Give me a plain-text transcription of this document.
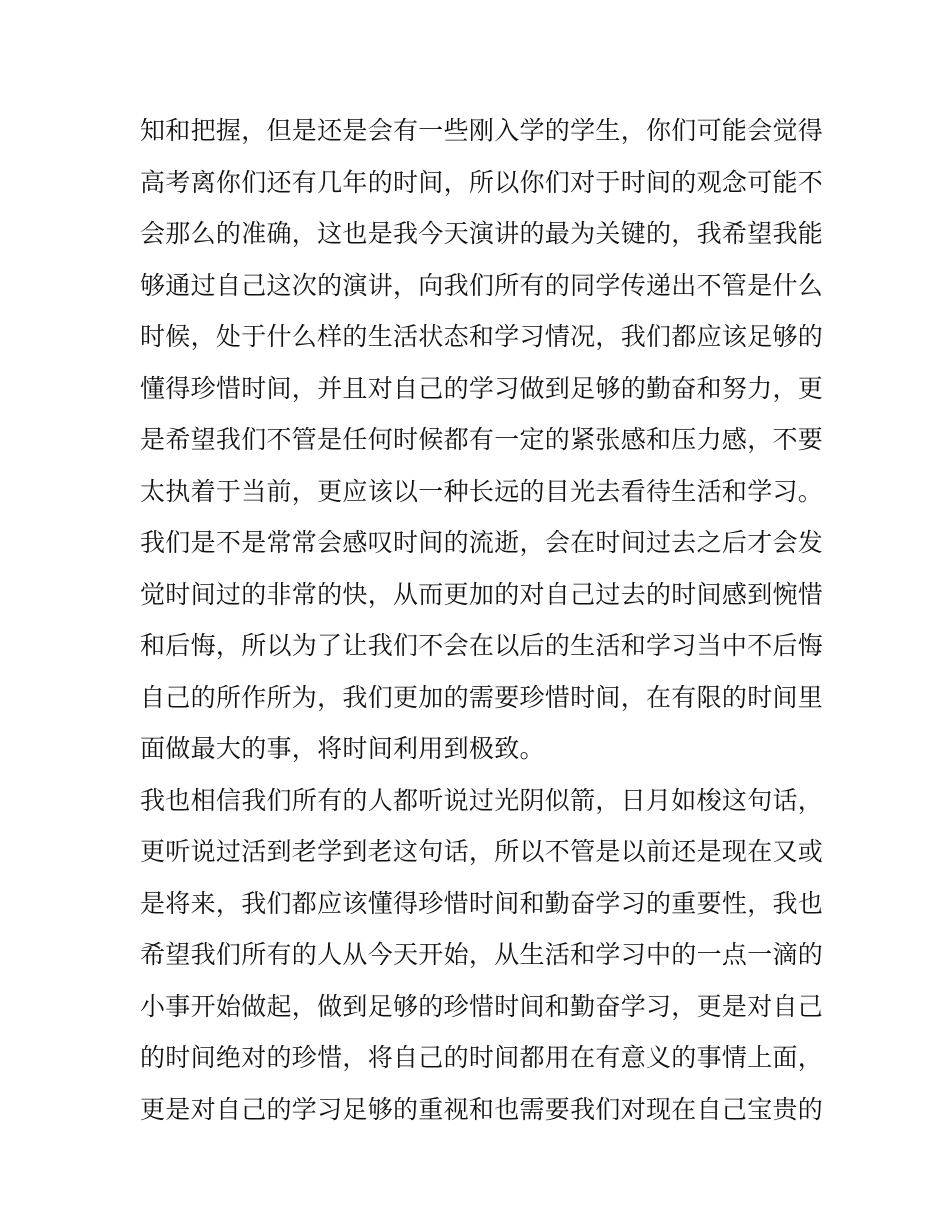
知和把握，但是还是会有一些刚入学的学生，你们可能会觉得
高考离你们还有几年的时间，所以你们对于时间的观念可能不
会那么的准确，这也是我今天演讲的最为关键的，我希望我能
够通过自己这次的演讲，向我们所有的同学传递出不管是什么
时候，处于什么样的生活状态和学习情况，我们都应该足够的
懂得珍惜时间，并且对自己的学习做到足够的勤奋和努力，更
是希望我们不管是任何时候都有一定的紧张感和压力感，不要
太执着于当前，更应该以一种长远的目光去看待生活和学习。
我们是不是常常会感叹时间的流逝，会在时间过去之后才会发
觉时间过的非常的快，从而更加的对自己过去的时间感到惋惜
和后悔，所以为了让我们不会在以后的生活和学习当中不后悔
自己的所作所为，我们更加的需要珍惜时间，在有限的时间里
面做最大的事，将时间利用到极致。
我也相信我们所有的人都听说过光阴似箭，日月如梭这句话，
更听说过活到老学到老这句话，所以不管是以前还是现在又或
是将来，我们都应该懂得珍惜时间和勤奋学习的重要性，我也
希望我们所有的人从今天开始，从生活和学习中的一点一滴的
小事开始做起，做到足够的珍惜时间和勤奋学习，更是对自己
的时间绝对的珍惜，将自己的时间都用在有意义的事情上面，
更是对自己的学习足够的重视和也需要我们对现在自己宝贵的
